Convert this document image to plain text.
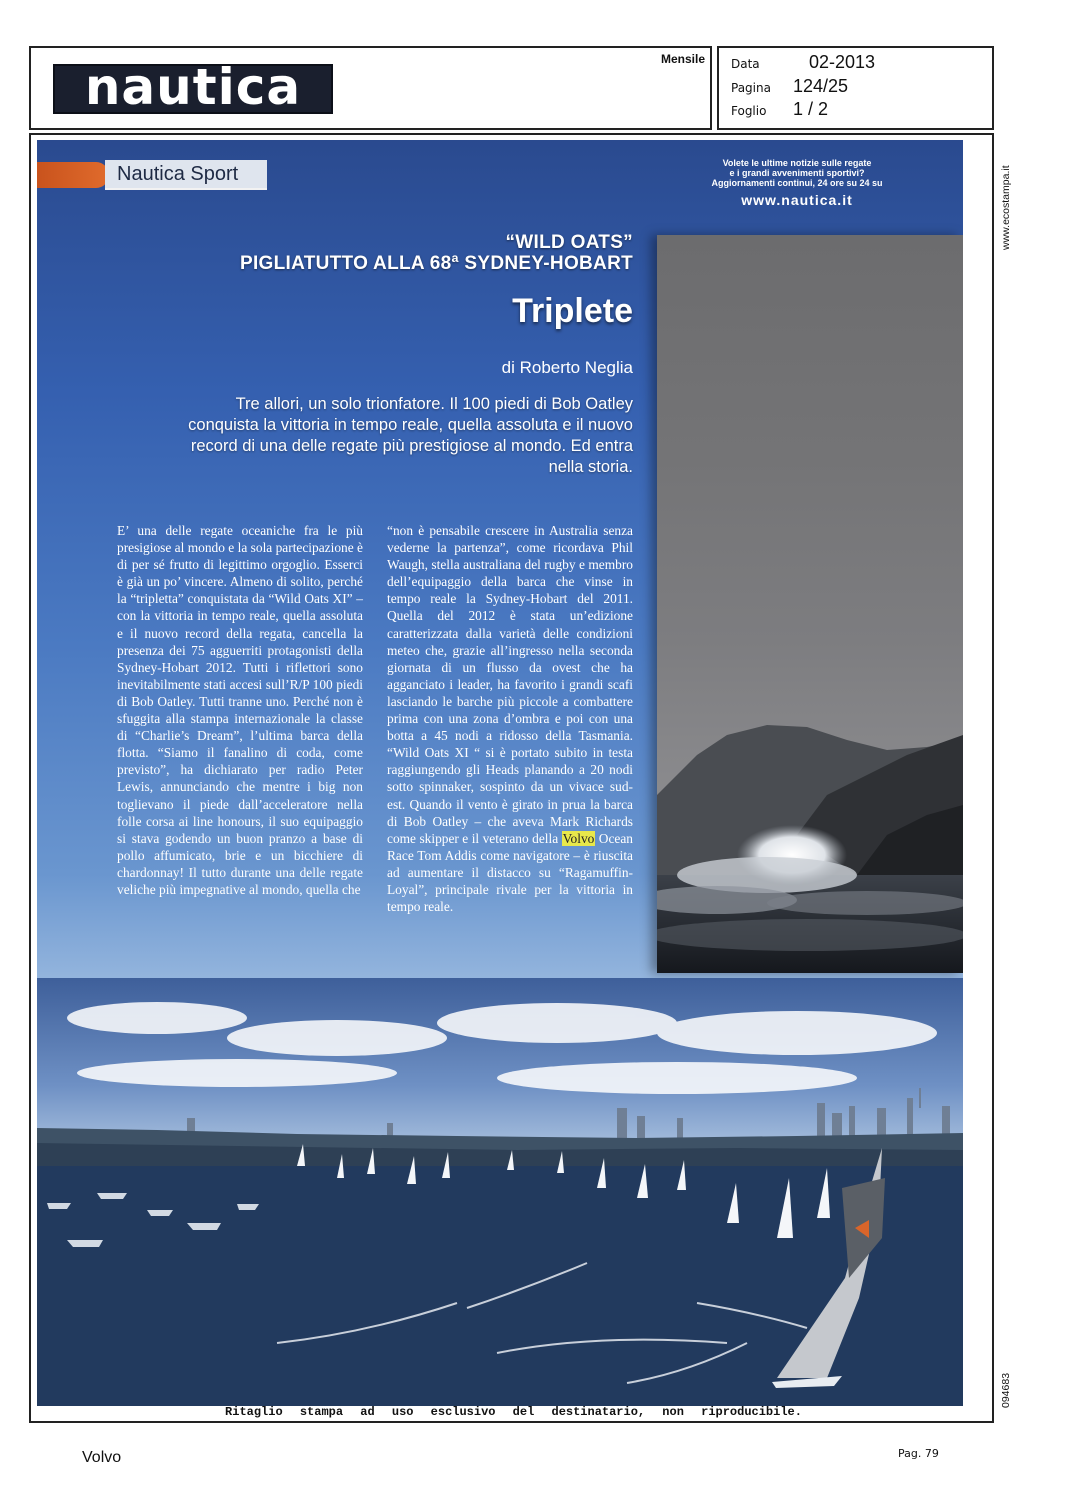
nautica	Mensile Data	02-2013
Pagina	124/25
Foglio	1 / 2
Nautica Sport	Volete le ultime notizie sulle regate
e i grandi avvenimenti sportivi?
Aggiornamenti continui, 24 ore su 24 su
www.nautica.it
“WILD OATS”
PIGLIATUTTO ALLA 68ª SYDNEY-HOBART
Triplete
di Roberto Neglia
Tre allori, un solo trionfatore. Il 100 piedi di Bob Oatley conquista la vittoria in tempo reale, quella assoluta e il nuovo record di una delle regate più prestigiose al mondo. Ed entra nella storia.
E’ una delle regate oceaniche fra le più presigiose al mondo e la sola partecipazione è di per sé frutto di legittimo orgoglio. Esserci è già un po’ vincere. Almeno di solito, perché la “tripletta” conquistata da “Wild Oats XI” – con la vittoria in tempo reale, quella assoluta e il nuovo record della regata, cancella la presenza dei 75 agguerriti protagonisti della Sydney-Hobart 2012. Tutti i riflettori sono inevitabilmente stati accesi sull’R/P 100 piedi di Bob Oatley. Tutti tranne uno. Perché non è sfuggita alla stampa internazionale la classe di “Charlie’s Dream”, l’ultima barca della flotta. “Siamo il fanalino di coda, come previsto”, ha dichiarato per radio Peter Lewis, annunciando che mentre i big non toglievano il piede dall’acceleratore nella folle corsa ai line honours, il suo equipaggio si stava godendo un buon pranzo a base di pollo affumicato, brie e un bicchiere di chardonnay! Il tutto durante una delle regate veliche più impegnative al mondo, quella che
“non è pensabile crescere in Australia senza vederne la partenza”, come ricordava Phil Waugh, stella australiana del rugby e membro dell’equipaggio della barca che vinse in tempo reale la Sydney-Hobart del 2011. Quella del 2012 è stata un’edizione caratterizzata dalla varietà delle condizioni meteo che, grazie all’ingresso nella seconda giornata di un flusso da ovest che ha agganciato i leader, ha favorito i grandi scafi lasciando le barche più piccole a combattere prima con una zona d’ombra e poi con una botta a 45 nodi a ridosso della Tasmania. “Wild Oats XI “ si è portato subito in testa raggiungendo gli Heads planando a 20 nodi sotto spinnaker, sospinto da un vivace sud-est. Quando il vento è girato in prua la barca di Bob Oatley – che aveva Mark Richards come skipper e il veterano della Volvo Ocean Race Tom Addis come navigatore – è riuscita ad aumentare il distacco su “Ragamuffin-Loyal”, principale rivale per la vittoria in tempo reale.
Ritaglio stampa ad uso esclusivo del destinatario, non riproducibile.
www.ecostampa.it
094683
Volvo	Pag. 79
